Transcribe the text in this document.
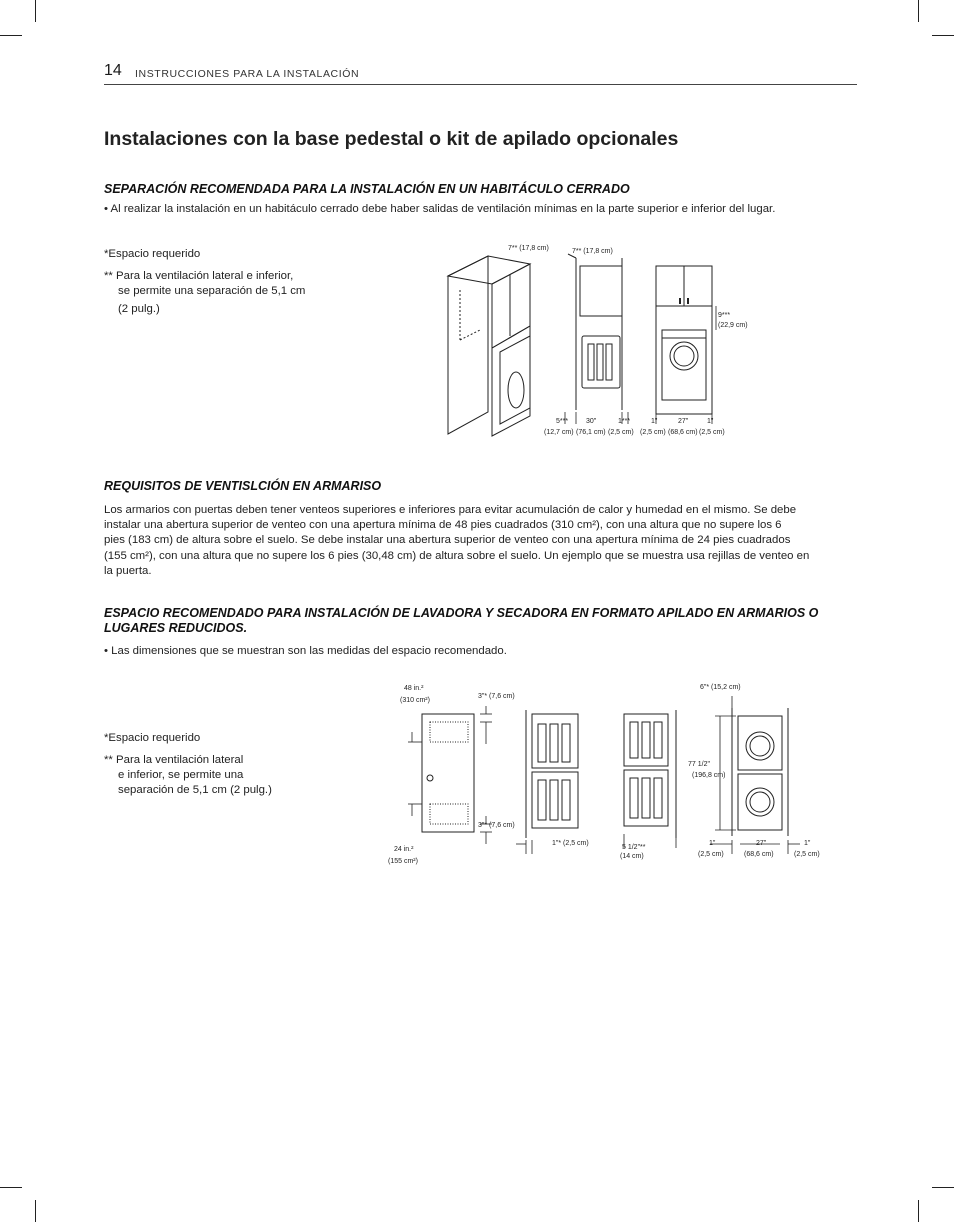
14 INSTRUCCIONES PARA LA INSTALACIÓN
Instalaciones con la base pedestal o kit de apilado opcionales

SEPARACIÓN RECOMENDADA PARA LA INSTALACIÓN EN UN HABITÁCULO CERRADO

• Al realizar la instalación en un habitáculo cerrado debe haber salidas de ventilación mínimas en la parte superior e inferior del lugar.

*Espacio requerido
** Para la ventilación lateral e inferior,
se permite una separación de 5,1 cm
(2 pulg.)
7** (17,8 cm)	7** (17,8 cm)
9***
(22,9 cm)
5***	30"	1***	1"	27"	1"
(12,7 cm) (76,1 cm) (2,5 cm) (2,5 cm) (68,6 cm) (2,5 cm)

REQUISITOS DE VENTISLCIÓN EN ARMARISO

Los armarios con puertas deben tener venteos superiores e inferiores para evitar acumulación de calor y humedad en el mismo. Se debe
instalar una abertura superior de venteo con una apertura mínima de 48 pies cuadrados (310 cm²), con una altura que no supere los 6
pies (183 cm) de altura sobre el suelo. Se debe instalar una abertura superior de venteo con una apertura mínima de 24 pies cuadrados
(155 cm²), con una altura que no supere los 6 pies (30,48 cm) de altura sobre el suelo. Un ejemplo que se muestra usa rejillas de venteo en
la puerta.
ESPACIO RECOMENDADO PARA INSTALACIÓN DE LAVADORA Y SECADORA EN FORMATO APILADO EN ARMARIOS O
LUGARES REDUCIDOS.

• Las dimensiones que se muestran son las medidas del espacio recomendado.

*Espacio requerido
** Para la ventilación lateral
e inferior, se permite una
separación de 5,1 cm (2 pulg.)
48 in.²
(310 cm²)
24 in.²
(155 cm²)
3"* (7,6 cm)
3"* (7,6 cm)
1"* (2,5 cm)
5 1/2"**
(14 cm)
6"* (15,2 cm)
77 1/2"
(196,8 cm)
1"	27"	1"
(2,5 cm)	(68,6 cm)	(2,5 cm)
